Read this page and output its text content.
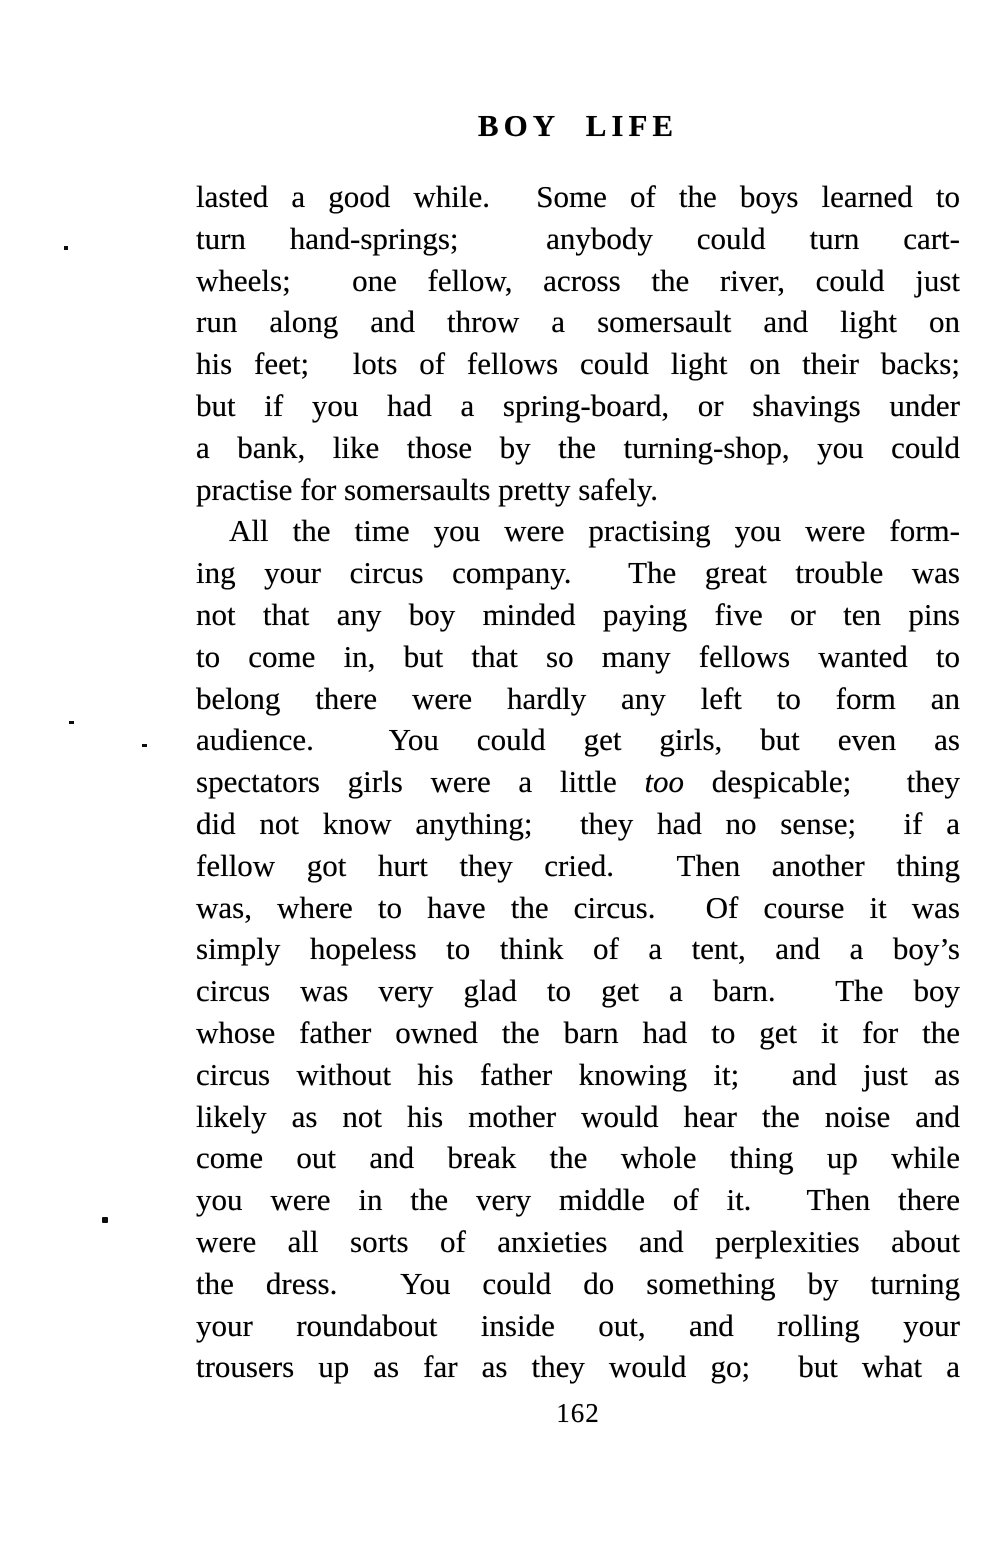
BOY LIFE
lasted a good while.  Some of the boys learned to
turn hand-springs;  anybody could turn cart-
wheels;  one fellow, across the river, could just
run along and throw a somersault and light on
his feet;  lots of fellows could light on their backs;
but if you had a spring-board, or shavings under
a bank, like those by the turning-shop, you could
practise for somersaults pretty safely.
All the time you were practising you were form-
ing your circus company.  The great trouble was
not that any boy minded paying five or ten pins
to come in, but that so many fellows wanted to
belong there were hardly any left to form an
audience.  You could get girls, but even as
spectators girls were a little too despicable;  they
did not know anything;  they had no sense;  if a
fellow got hurt they cried.  Then another thing
was, where to have the circus.  Of course it was
simply hopeless to think of a tent, and a boy’s
circus was very glad to get a barn.  The boy
whose father owned the barn had to get it for the
circus without his father knowing it;  and just as
likely as not his mother would hear the noise and
come out and break the whole thing up while
you were in the very middle of it.  Then there
were all sorts of anxieties and perplexities about
the dress.  You could do something by turning
your roundabout inside out, and rolling your
trousers up as far as they would go;  but what a
162
